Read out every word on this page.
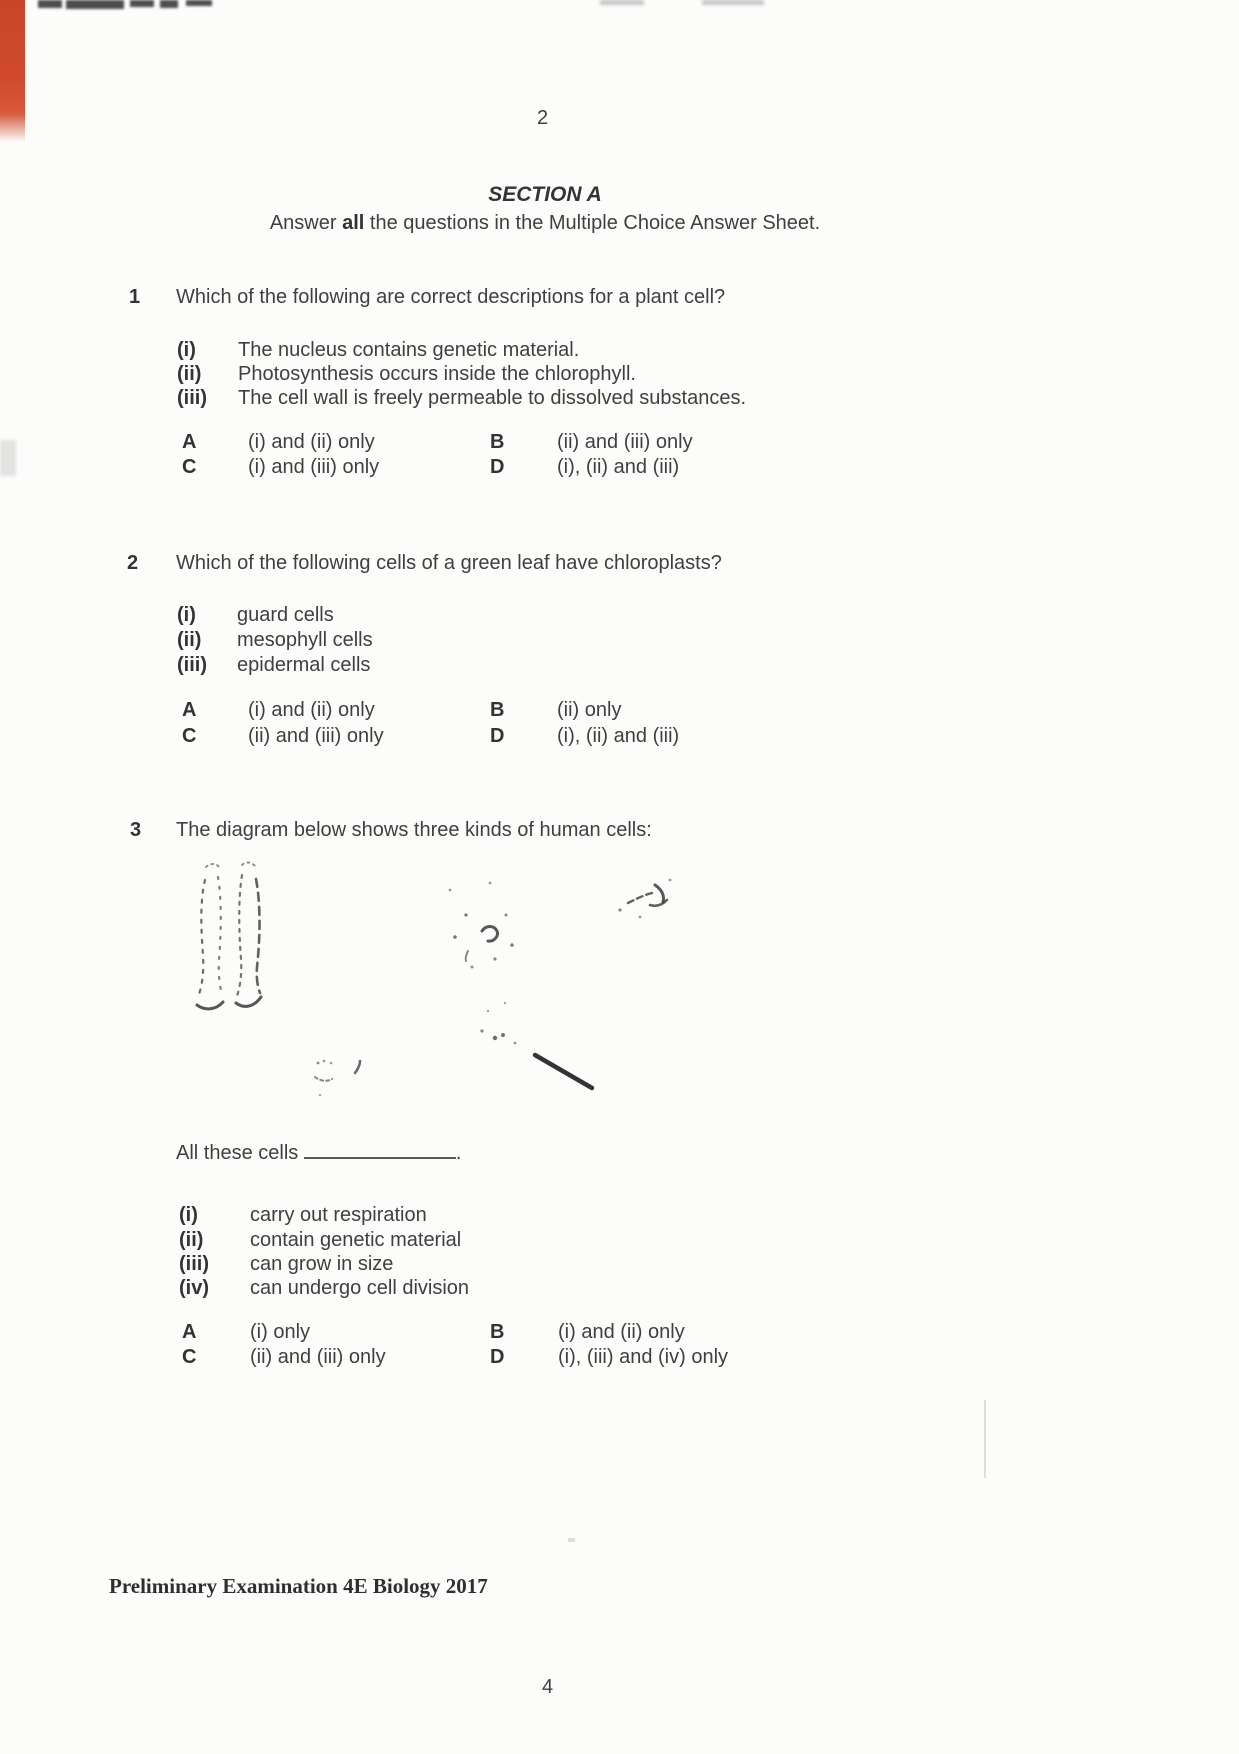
2
SECTION A
Answer all the questions in the Multiple Choice Answer Sheet.
1 Which of the following are correct descriptions for a plant cell?
(i) The nucleus contains genetic material.
(ii) Photosynthesis occurs inside the chlorophyll.
(iii) The cell wall is freely permeable to dissolved substances.
A	(i) and (ii) only	B	(ii) and (iii) only
C	(i) and (iii) only	D	(i), (ii) and (iii)
2 Which of the following cells of a green leaf have chloroplasts?
(i) guard cells
(ii) mesophyll cells
(iii) epidermal cells
A	(i) and (ii) only	B	(ii) only
C	(ii) and (iii) only	D	(i), (ii) and (iii)
3 The diagram below shows three kinds of human cells:
All these cells	.
(i)	carry out respiration
(ii) contain genetic material
(iii) can grow in size
(iv) can undergo cell division
A	(i) only	B	(i) and (ii) only
C	(ii) and (iii) only	D	(i), (iii) and (iv) only
Preliminary Examination 4E Biology 2017
4
